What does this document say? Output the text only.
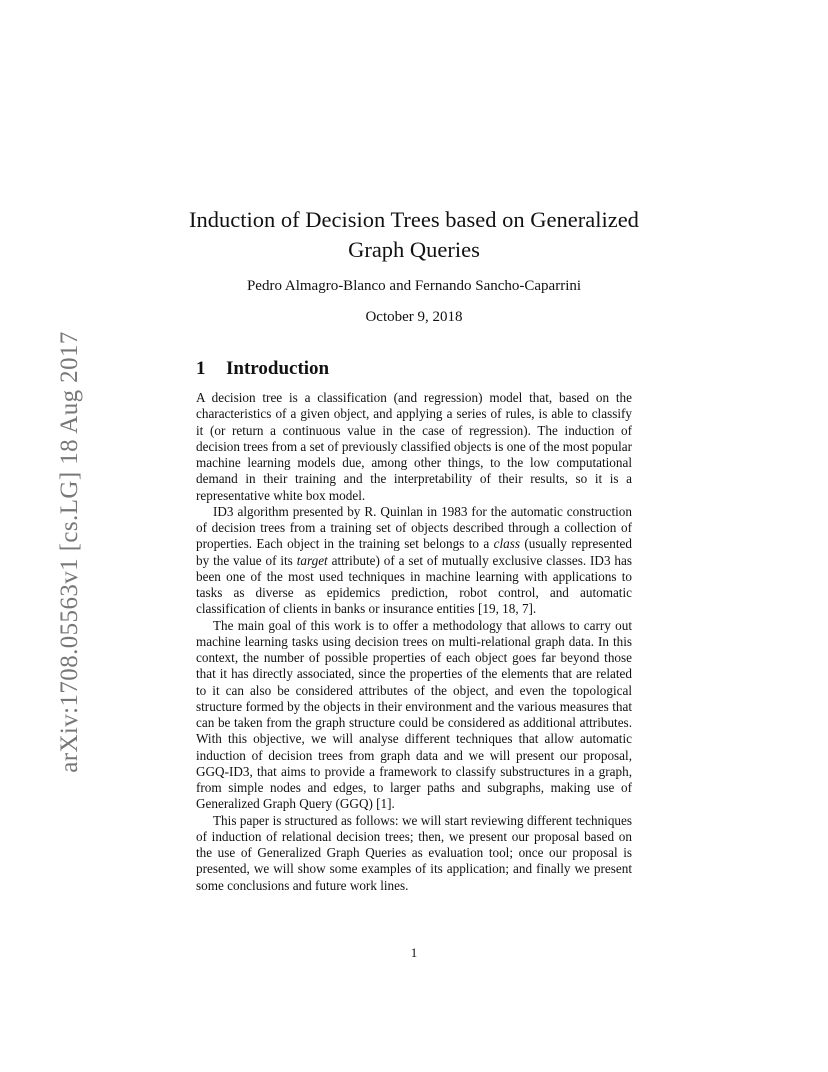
arXiv:1708.05563v1 [cs.LG] 18 Aug 2017
Induction of Decision Trees based on Generalized
Graph Queries
Pedro Almagro-Blanco and Fernando Sancho-Caparrini
October 9, 2018
1 Introduction

A decision tree is a classification (and regression) model that, based on the characteristics of a given object, and applying a series of rules, is able to classify it (or return a continuous value in the case of regression). The induction of decision trees from a set of previously classified objects is one of the most popular machine learning models due, among other things, to the low computational demand in their training and the interpretability of their results, so it is a representative white box model.

ID3 algorithm presented by R. Quinlan in 1983 for the automatic construction of decision trees from a training set of objects described through a collection of properties. Each object in the training set belongs to a class (usually represented by the value of its target attribute) of a set of mutually exclusive classes. ID3 has been one of the most used techniques in machine learning with applications to tasks as diverse as epidemics prediction, robot control, and automatic classification of clients in banks or insurance entities [19, 18, 7].

The main goal of this work is to offer a methodology that allows to carry out machine learning tasks using decision trees on multi-relational graph data. In this context, the number of possible properties of each object goes far beyond those that it has directly associated, since the properties of the elements that are related to it can also be considered attributes of the object, and even the topological structure formed by the objects in their environment and the various measures that can be taken from the graph structure could be considered as additional attributes. With this objective, we will analyse different techniques that allow automatic induction of decision trees from graph data and we will present our proposal, GGQ-ID3, that aims to provide a framework to classify substructures in a graph, from simple nodes and edges, to larger paths and subgraphs, making use of Generalized Graph Query (GGQ) [1].

This paper is structured as follows: we will start reviewing different techniques of induction of relational decision trees; then, we present our proposal based on the use of Generalized Graph Queries as evaluation tool; once our proposal is presented, we will show some examples of its application; and finally we present some conclusions and future work lines.

1
